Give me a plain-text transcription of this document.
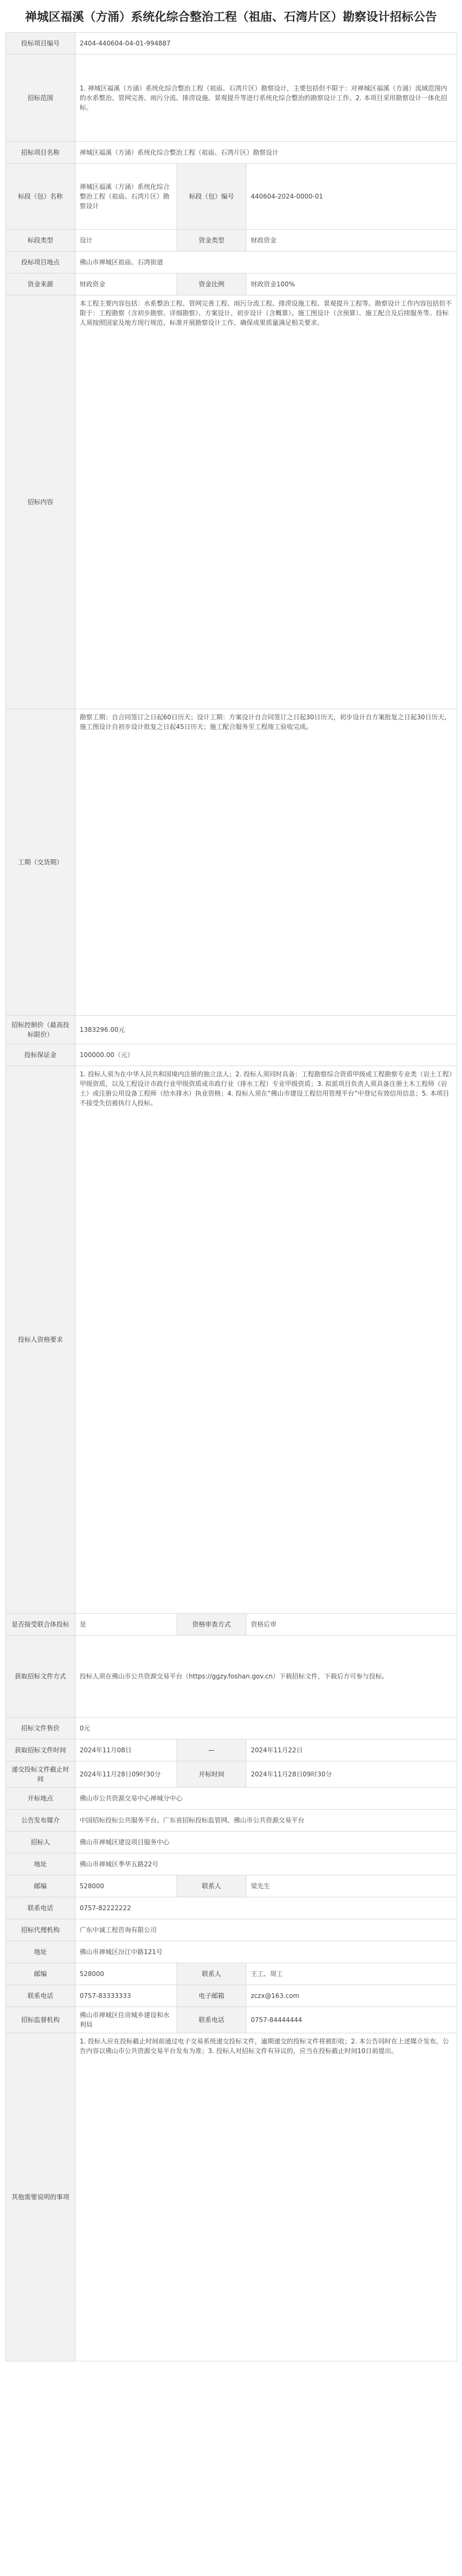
禅城区福溪（方涌）系统化综合整治工程（祖庙、石湾片区）勘察设计招标公告
投标项目编号	2404-440604-04-01-994887		
招标范围	1. 禅城区福溪（方涌）系统化综合整治工程（祖庙、石湾片区）勘察设计，主要包括但不限于：对禅城区福溪（方涌）流域范围内的水系整治、管网完善、雨污分流、排涝设施、景观提升等进行系统化综合整治的勘察设计工作。2. 本项目采用勘察设计一体化招标。		
招标项目名称	禅城区福溪（方涌）系统化综合整治工程（祖庙、石湾片区）勘察设计		
标段（包）名称	禅城区福溪（方涌）系统化综合整治工程（祖庙、石湾片区）勘察设计	标段（包）编号	440604-2024-0000-01
标段类型	设计	资金类型	财政资金
投标项目地点	佛山市禅城区祖庙、石湾街道		
资金来源	财政资金	资金比例	财政资金100%
招标内容	本工程主要内容包括：水系整治工程、管网完善工程、雨污分流工程、排涝设施工程、景观提升工程等。勘察设计工作内容包括但不限于：工程勘察（含初步勘察、详细勘察）、方案设计、初步设计（含概算）、施工图设计（含预算）、施工配合及后续服务等。投标人须按照国家及地方现行规范、标准开展勘察设计工作，确保成果质量满足相关要求。		
工期（交货期）	勘察工期：自合同签订之日起60日历天；设计工期：方案设计自合同签订之日起30日历天，初步设计自方案批复之日起30日历天，施工图设计自初步设计批复之日起45日历天；施工配合服务至工程竣工验收完成。		
招标控制价（最高投标限价）	1383296.00元		
投标保证金	100000.00（元）		
投标人资格要求	1. 投标人须为在中华人民共和国境内注册的独立法人；2. 投标人须同时具备：工程勘察综合资质甲级或工程勘察专业类（岩土工程）甲级资质，以及工程设计市政行业甲级资质或市政行业（排水工程）专业甲级资质；3. 拟派项目负责人须具备注册土木工程师（岩土）或注册公用设备工程师（给水排水）执业资格；4. 投标人须在“佛山市建设工程信用管理平台”中登记有效信用信息；5. 本项目不接受失信被执行人投标。		
是否接受联合体投标	是	资格审查方式	资格后审
获取招标文件方式	投标人须在佛山市公共资源交易平台（https://ggzy.foshan.gov.cn）下载招标文件，下载后方可参与投标。		
招标文件售价	0元		
获取招标文件时间	2024年11月08日	—	2024年11月22日
递交投标文件截止时间	2024年11月28日09时30分	开标时间	2024年11月28日09时30分
开标地点	佛山市公共资源交易中心禅城分中心		
公告发布媒介	中国招标投标公共服务平台、广东省招标投标监管网、佛山市公共资源交易平台		
招标人	佛山市禅城区建设项目服务中心		
地址	佛山市禅城区季华五路22号		
邮编	528000	联系人	梁先生
联系电话	0757-82222222		
招标代理机构	广东中诚工程咨询有限公司		
地址	佛山市禅城区汾江中路121号		
邮编	528000	联系人	王工、周工
联系电话	0757-83333333	电子邮箱	zczx@163.com
招标监督机构	佛山市禅城区住房城乡建设和水利局	联系电话	0757-84444444
其他需要说明的事项	1. 投标人应在投标截止时间前通过电子交易系统递交投标文件，逾期递交的投标文件将被拒收；2. 本公告同时在上述媒介发布，公告内容以佛山市公共资源交易平台发布为准；3. 投标人对招标文件有异议的，应当在投标截止时间10日前提出。		
